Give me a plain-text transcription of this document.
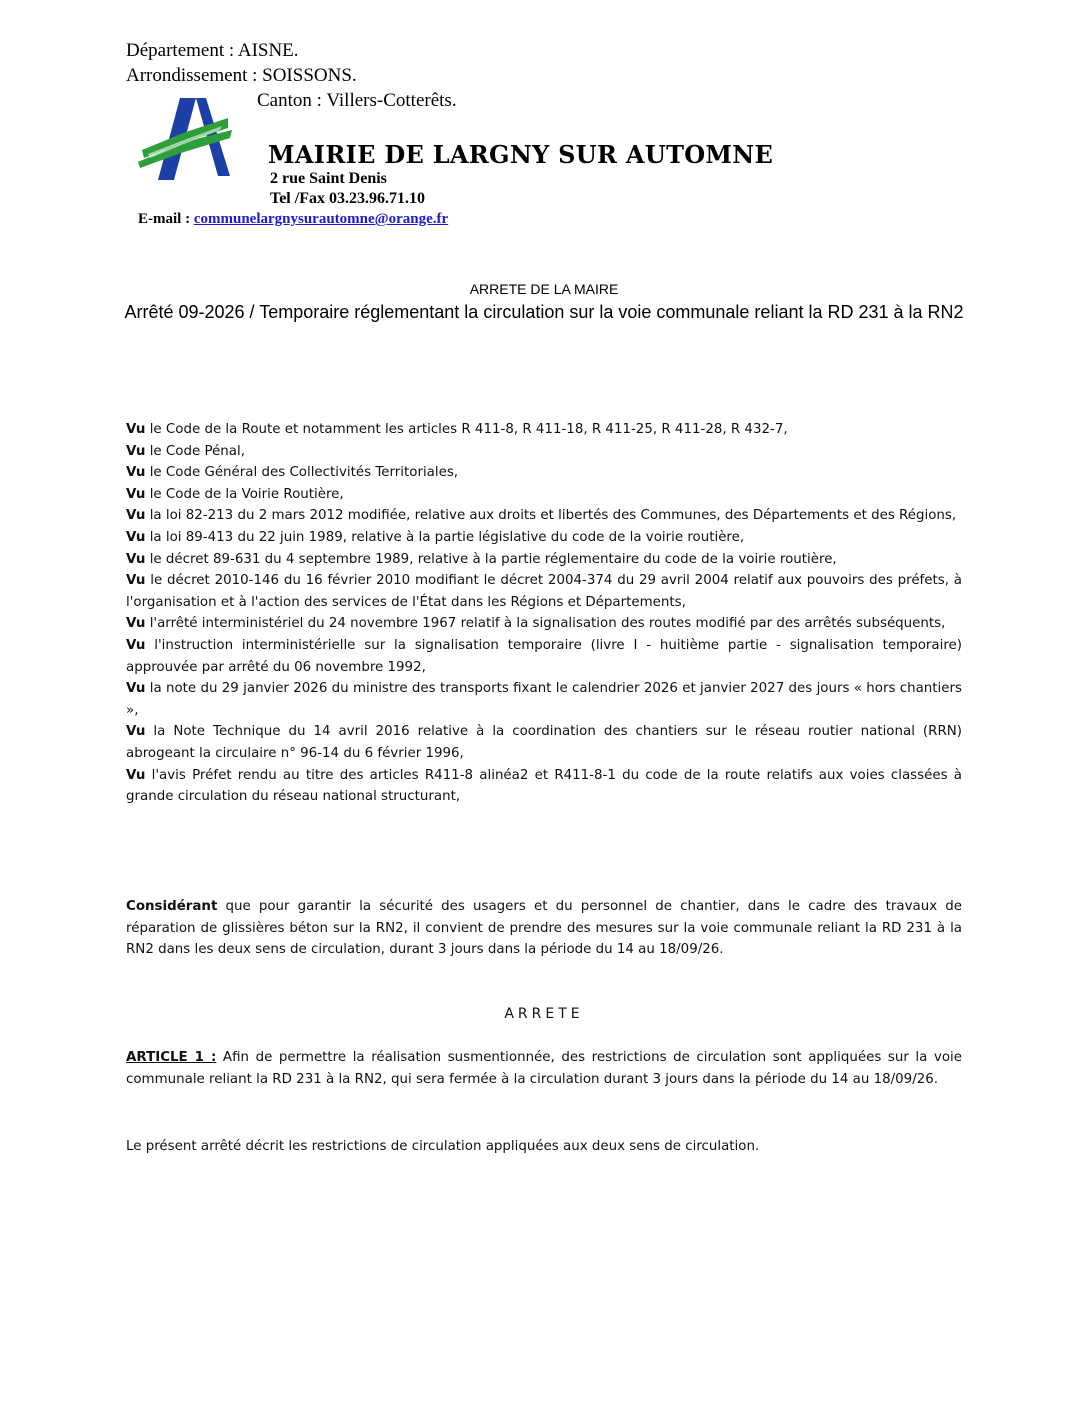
Département : AISNE.
Arrondissement : SOISSONS.
Canton : Villers-Cotterêts.
MAIRIE DE LARGNY SUR AUTOMNE
2 rue Saint Denis
Tel /Fax 03.23.96.71.10
E-mail : communelargnysurautomne@orange.fr
ARRETE DE LA MAIRE
Arrêté 09-2026 / Temporaire réglementant la circulation sur la voie communale reliant la RD 231 à la RN2

Vu le Code de la Route et notamment les articles R 411-8, R 411-18, R 411-25, R 411-28, R 432-7,

Vu le Code Pénal,

Vu le Code Général des Collectivités Territoriales,

Vu le Code de la Voirie Routière,

Vu la loi 82-213 du 2 mars 2012 modifiée, relative aux droits et libertés des Communes, des Départements et des Régions,

Vu la loi 89-413 du 22 juin 1989, relative à la partie législative du code de la voirie routière,

Vu le décret 89-631 du 4 septembre 1989, relative à la partie réglementaire du code de la voirie routière,

Vu le décret 2010-146 du 16 février 2010 modifiant le décret 2004-374 du 29 avril 2004 relatif aux pouvoirs des préfets, à l'organisation et à l'action des services de l'État dans les Régions et Départements,

Vu l'arrêté interministériel du 24 novembre 1967 relatif à la signalisation des routes modifié par des arrêtés subséquents,

Vu l'instruction interministérielle sur la signalisation temporaire (livre I - huitième partie - signalisation temporaire) approuvée par arrêté du 06 novembre 1992,

Vu la note du 29 janvier 2026 du ministre des transports fixant le calendrier 2026 et janvier 2027 des jours « hors chantiers »,

Vu la Note Technique du 14 avril 2016 relative à la coordination des chantiers sur le réseau routier national (RRN) abrogeant la circulaire n° 96-14 du 6 février 1996,

Vu l'avis Préfet rendu au titre des articles R411-8 alinéa2 et R411-8-1 du code de la route relatifs aux voies classées à grande circulation du réseau national structurant,

Considérant que pour garantir la sécurité des usagers et du personnel de chantier, dans le cadre des travaux de réparation de glissières béton sur la RN2, il convient de prendre des mesures sur la voie communale reliant la RD 231 à la RN2 dans les deux sens de circulation, durant 3 jours dans la période du 14 au 18/09/26.
ARRETE
ARTICLE 1 : Afin de permettre la réalisation susmentionnée, des restrictions de circulation sont appliquées sur la voie communale reliant la RD 231 à la RN2, qui sera fermée à la circulation durant 3 jours dans la période du 14 au 18/09/26.
Le présent arrêté décrit les restrictions de circulation appliquées aux deux sens de circulation.
